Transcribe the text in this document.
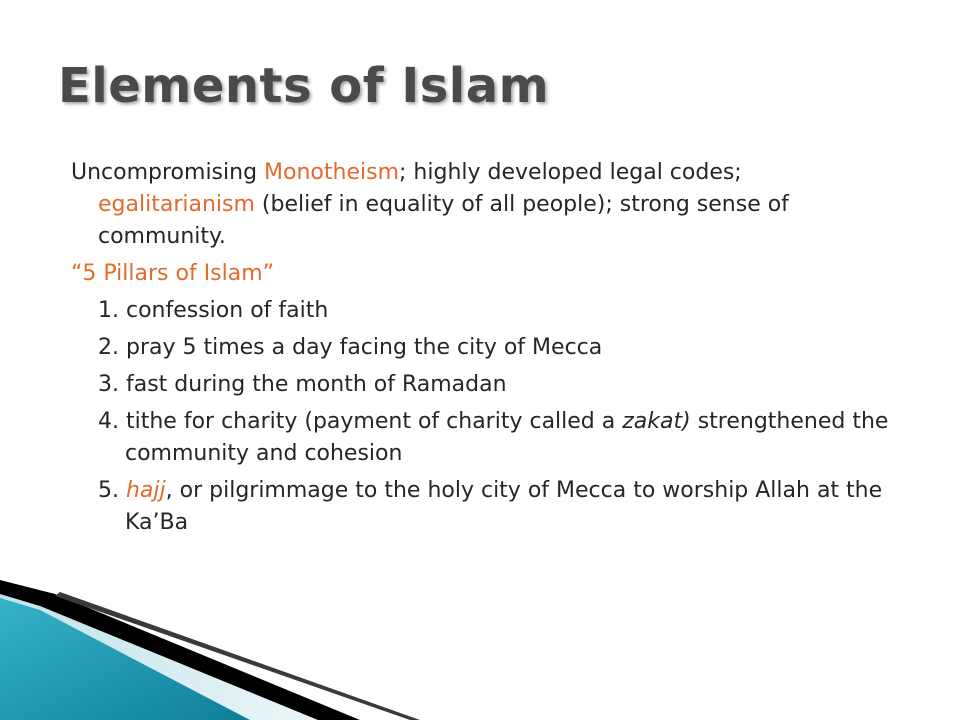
Elements of Islam

Uncompromising Monotheism; highly developed legal codes; egalitarianism (belief in equality of all people); strong sense of community.

“5 Pillars of Islam”

1. confession of faith
2. pray 5 times a day facing the city of Mecca
3. fast during the month of Ramadan
4. tithe for charity (payment of charity called a zakat) strengthened the community and cohesion
5. hajj, or pilgrimmage to the holy city of Mecca to worship Allah at the Ka’Ba
